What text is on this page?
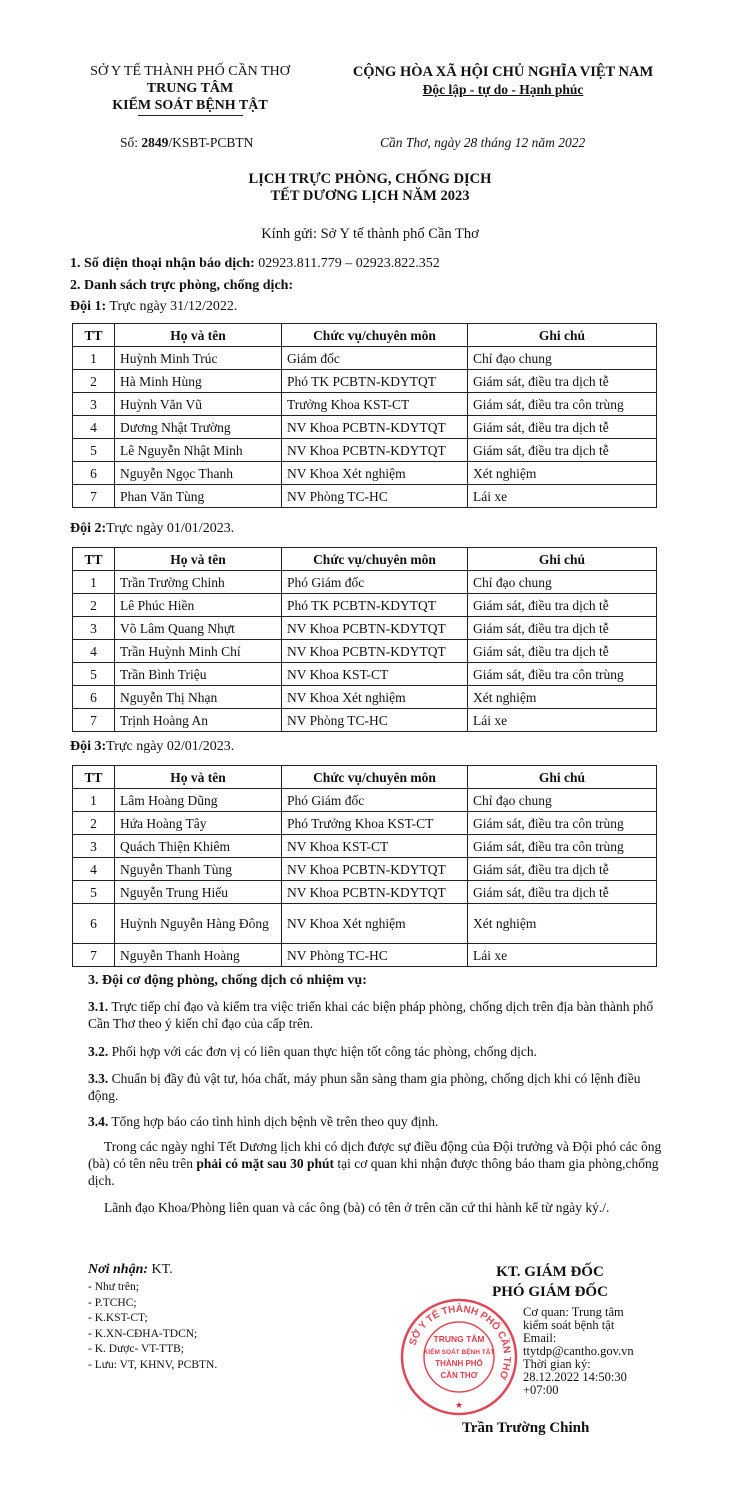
SỞ Y TẾ THÀNH PHỐ CẦN THƠ
TRUNG TÂM
KIỂM SOÁT BỆNH TẬT
CỘNG HÒA XÃ HỘI CHỦ NGHĨA VIỆT NAM
Độc lập - tự do - Hạnh phúc
Số: 2849/KSBT-PCBTN	Cần Thơ, ngày 28 tháng 12 năm 2022
LỊCH TRỰC PHÒNG, CHỐNG DỊCH
TẾT DƯƠNG LỊCH NĂM 2023
Kính gửi: Sở Y tế thành phố Cần Thơ
1. Số điện thoại nhận báo dịch: 02923.811.779 – 02923.822.352
2. Danh sách trực phòng, chống dịch:
Đội 1: Trực ngày 31/12/2022.
TT	Họ và tên	Chức vụ/chuyên môn	Ghi chú
1	Huỳnh Minh Trúc	Giám đốc	Chỉ đạo chung
2	Hà Minh Hùng	Phó TK PCBTN-KDYTQT	Giám sát, điều tra dịch tễ
3	Huỳnh Văn Vũ	Trưởng Khoa KST-CT	Giám sát, điều tra côn trùng
4	Dương Nhật Trường	NV Khoa PCBTN-KDYTQT	Giám sát, điều tra dịch tễ
5	Lê Nguyễn Nhật Minh	NV Khoa PCBTN-KDYTQT	Giám sát, điều tra dịch tễ
6	Nguyễn Ngọc Thanh	NV Khoa Xét nghiệm	Xét nghiệm
7	Phan Văn Tùng	NV Phòng TC-HC	Lái xe
Đội 2:Trực ngày 01/01/2023.
TT	Họ và tên	Chức vụ/chuyên môn	Ghi chú
1	Trần Trường Chinh	Phó Giám đốc	Chỉ đạo chung
2	Lê Phúc Hiền	Phó TK PCBTN-KDYTQT	Giám sát, điều tra dịch tễ
3	Võ Lâm Quang Nhựt	NV Khoa PCBTN-KDYTQT	Giám sát, điều tra dịch tễ
4	Trần Huỳnh Minh Chí	NV Khoa PCBTN-KDYTQT	Giám sát, điều tra dịch tễ
5	Trần Bình Triệu	NV Khoa KST-CT	Giám sát, điều tra côn trùng
6	Nguyễn Thị Nhạn	NV Khoa Xét nghiệm	Xét nghiệm
7	Trịnh Hoàng An	NV Phòng TC-HC	Lái xe
Đội 3:Trực ngày 02/01/2023.
TT	Họ và tên	Chức vụ/chuyên môn	Ghi chú
1	Lâm Hoàng Dũng	Phó Giám đốc	Chỉ đạo chung
2	Hứa Hoàng Tây	Phó Trưởng Khoa KST-CT	Giám sát, điều tra côn trùng
3	Quách Thiện Khiêm	NV Khoa KST-CT	Giám sát, điều tra côn trùng
4	Nguyễn Thanh Tùng	NV Khoa PCBTN-KDYTQT	Giám sát, điều tra dịch tễ
5	Nguyễn Trung Hiếu	NV Khoa PCBTN-KDYTQT	Giám sát, điều tra dịch tễ
6	Huỳnh Nguyễn Hàng Đông	NV Khoa Xét nghiệm	Xét nghiệm
7	Nguyễn Thanh Hoàng	NV Phòng TC-HC	Lái xe
3. Đội cơ động phòng, chống dịch có nhiệm vụ:

3.1. Trực tiếp chỉ đạo và kiểm tra việc triển khai các biện pháp phòng, chống dịch trên địa bàn thành phố Cần Thơ theo ý kiến chỉ đạo của cấp trên.

3.2. Phối hợp với các đơn vị có liên quan thực hiện tốt công tác phòng, chống dịch.

3.3. Chuẩn bị đầy đủ vật tư, hóa chất, máy phun sẵn sàng tham gia phòng, chống dịch khi có lệnh điều động.

3.4. Tổng hợp báo cáo tình hình dịch bệnh về trên theo quy định.

Trong các ngày nghỉ Tết Dương lịch khi có dịch được sự điều động của Đội trưởng và Đội phó các ông (bà) có tên nêu trên phải có mặt sau 30 phút tại cơ quan khi nhận được thông báo tham gia phòng,chống dịch.

Lãnh đạo Khoa/Phòng liên quan và các ông (bà) có tên ở trên căn cứ thi hành kể từ ngày ký./.

Nơi nhận: KT.
- Như trên;
- P.TCHC;
- K.KST-CT;
- K.XN-CĐHA-TDCN;
- K. Dược- VT-TTB;
- Lưu: VT, KHNV, PCBTN.
KT. GIÁM ĐỐC
PHÓ GIÁM ĐỐC
SỞ Y TẾ THÀNH PHỐ CẦN THƠ
TRUNG TÂM
KIỂM SOÁT BỆNH TẬT
THÀNH PHỐ
CẦN THƠ
★
Cơ quan: Trung tâm
kiểm soát bệnh tật
Email:
ttytdp@cantho.gov.vn
Thời gian ký:
28.12.2022 14:50:30
+07:00
Trần Trường Chinh
